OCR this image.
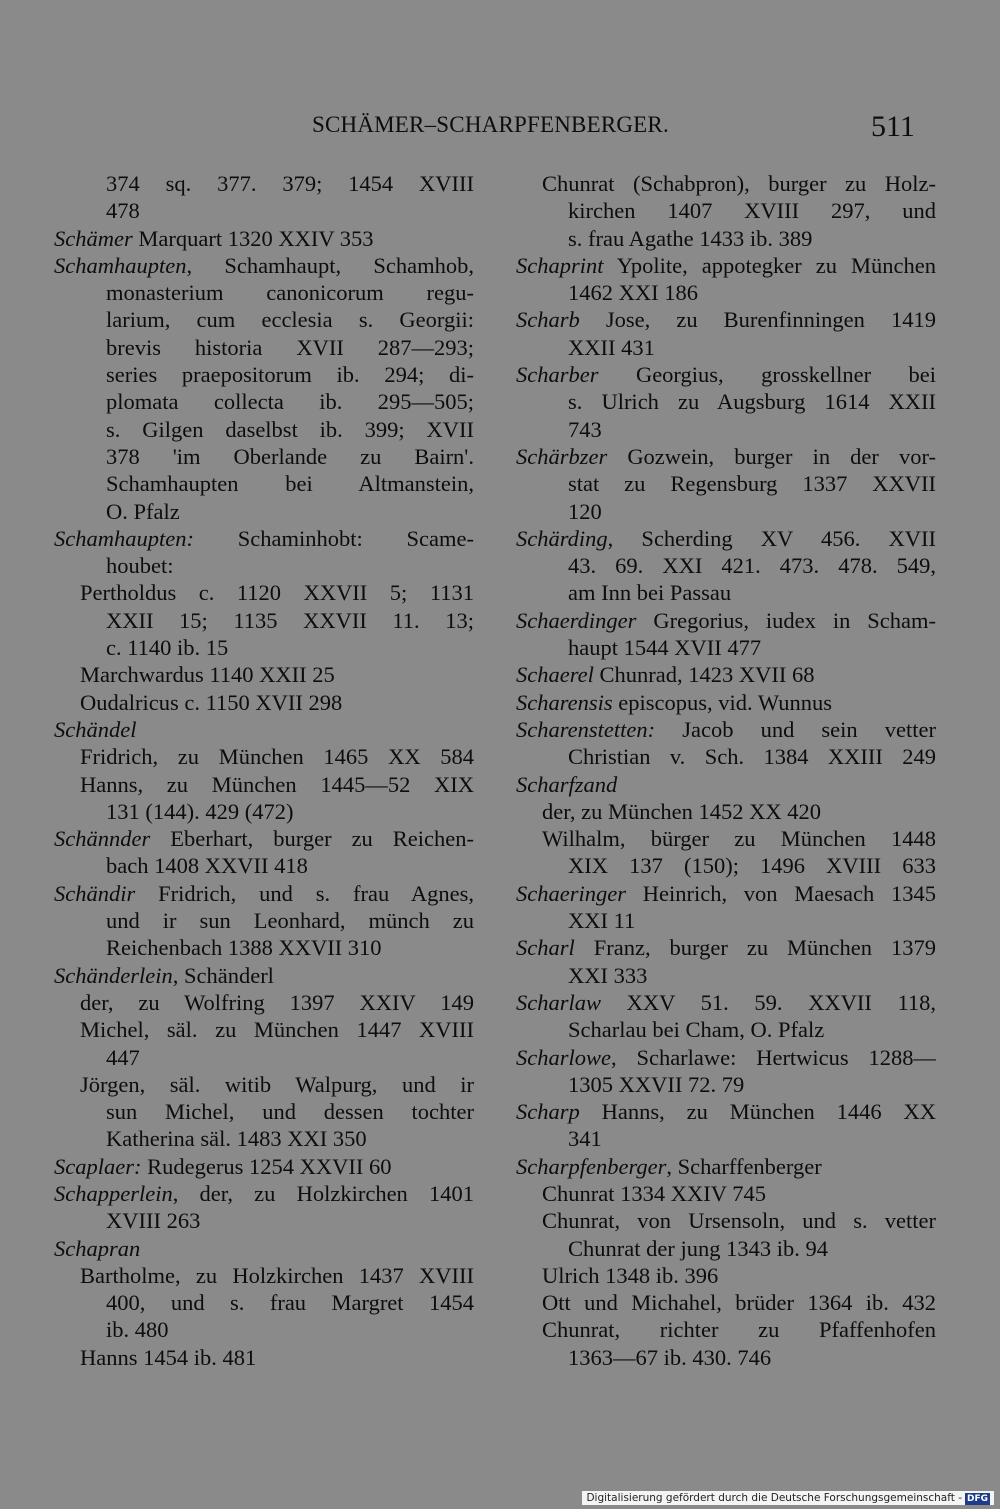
SCHÄMER–SCHARPFENBERGER.	511
374 sq. 377. 379; 1454 XVIII
478
Schämer Marquart 1320 XXIV 353
Schamhaupten, Schamhaupt, Schamhob,
monasterium canonicorum regu-
larium, cum ecclesia s. Georgii:
brevis historia XVII 287—293;
series praepositorum ib. 294; di-
plomata collecta ib. 295—505;
s. Gilgen daselbst ib. 399; XVII
378 'im Oberlande zu Bairn'.
Schamhaupten bei Altmanstein,
O. Pfalz
Schamhaupten: Schaminhobt: Scame-
houbet:
Pertholdus c. 1120 XXVII 5; 1131
XXII 15; 1135 XXVII 11. 13;
c. 1140 ib. 15
Marchwardus 1140 XXII 25
Oudalricus c. 1150 XVII 298
Schändel
Fridrich, zu München 1465 XX 584
Hanns, zu München 1445—52 XIX
131 (144). 429 (472)
Schännder Eberhart, burger zu Reichen-
bach 1408 XXVII 418
Schändir Fridrich, und s. frau Agnes,
und ir sun Leonhard, münch zu
Reichenbach 1388 XXVII 310
Schänderlein, Schänderl
der, zu Wolfring 1397 XXIV 149
Michel, säl. zu München 1447 XVIII
447
Jörgen, säl. witib Walpurg, und ir
sun Michel, und dessen tochter
Katherina säl. 1483 XXI 350
Scaplaer: Rudegerus 1254 XXVII 60
Schapperlein, der, zu Holzkirchen 1401
XVIII 263
Schapran
Bartholme, zu Holzkirchen 1437 XVIII
400, und s. frau Margret 1454
ib. 480
Hanns 1454 ib. 481
Chunrat (Schabpron), burger zu Holz-
kirchen 1407 XVIII 297, und
s. frau Agathe 1433 ib. 389
Schaprint Ypolite, appotegker zu München
1462 XXI 186
Scharb Jose, zu Burenfinningen 1419
XXII 431
Scharber Georgius, grosskellner bei
s. Ulrich zu Augsburg 1614 XXII
743
Schärbzer Gozwein, burger in der vor-
stat zu Regensburg 1337 XXVII
120
Schärding, Scherding XV 456. XVII
43. 69. XXI 421. 473. 478. 549,
am Inn bei Passau
Schaerdinger Gregorius, iudex in Scham-
haupt 1544 XVII 477
Schaerel Chunrad, 1423 XVII 68
Scharensis episcopus, vid. Wunnus
Scharenstetten: Jacob und sein vetter
Christian v. Sch. 1384 XXIII 249
Scharfzand
der, zu München 1452 XX 420
Wilhalm, bürger zu München 1448
XIX 137 (150); 1496 XVIII 633
Schaeringer Heinrich, von Maesach 1345
XXI 11
Scharl Franz, burger zu München 1379
XXI 333
Scharlaw XXV 51. 59. XXVII 118,
Scharlau bei Cham, O. Pfalz
Scharlowe, Scharlawe: Hertwicus 1288—
1305 XXVII 72. 79
Scharp Hanns, zu München 1446 XX
341
Scharpfenberger, Scharffenberger
Chunrat 1334 XXIV 745
Chunrat, von Ursensoln, und s. vetter
Chunrat der jung 1343 ib. 94
Ulrich 1348 ib. 396
Ott und Michahel, brüder 1364 ib. 432
Chunrat, richter zu Pfaffenhofen
1363—67 ib. 430. 746
Digitalisierung gefördert durch die Deutsche Forschungsgemeinschaft - DFG
